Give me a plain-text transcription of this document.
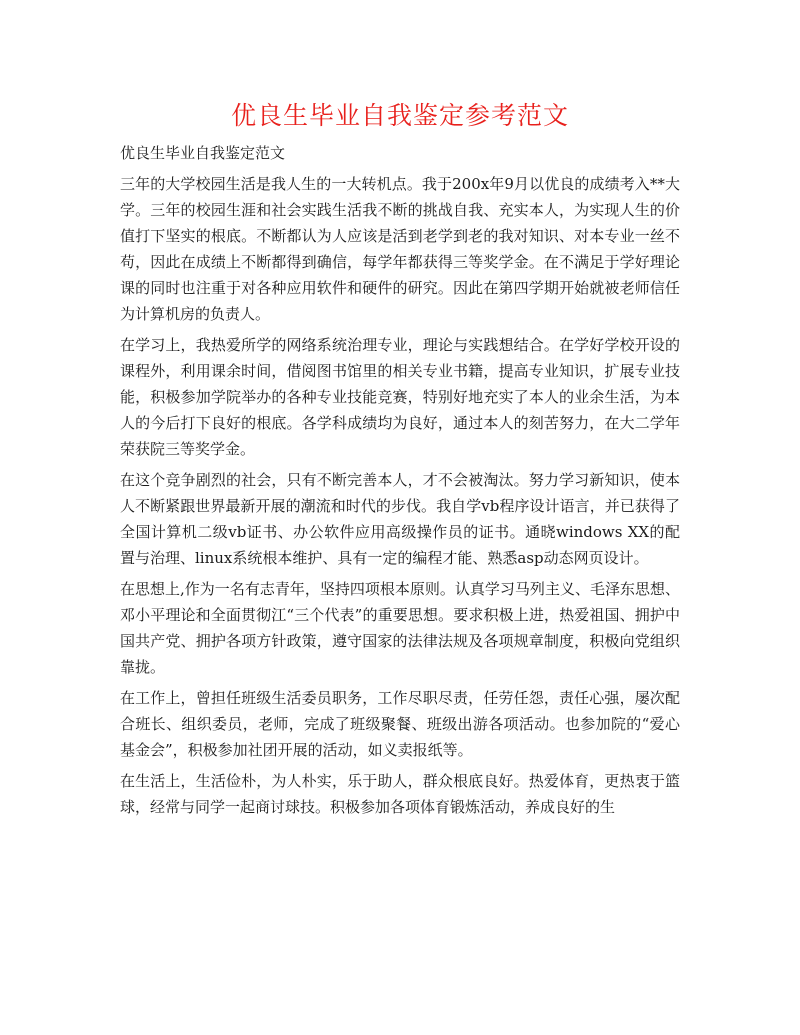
优良生毕业自我鉴定参考范文

优良生毕业自我鉴定范文

三年的大学校园生活是我人生的一大转机点。我于200x年9月以优良的成绩考入**大学。三年的校园生涯和社会实践生活我不断的挑战自我、充实本人，为实现人生的价值打下坚实的根底。不断都认为人应该是活到老学到老的我对知识、对本专业一丝不苟，因此在成绩上不断都得到确信，每学年都获得三等奖学金。在不满足于学好理论课的同时也注重于对各种应用软件和硬件的研究。因此在第四学期开始就被老师信任为计算机房的负责人。

在学习上，我热爱所学的网络系统治理专业，理论与实践想结合。在学好学校开设的课程外，利用课余时间，借阅图书馆里的相关专业书籍，提高专业知识，扩展专业技能，积极参加学院举办的各种专业技能竞赛，特别好地充实了本人的业余生活，为本人的今后打下良好的根底。各学科成绩均为良好，通过本人的刻苦努力，在大二学年荣获院三等奖学金。

在这个竞争剧烈的社会，只有不断完善本人，才不会被淘汰。努力学习新知识，使本人不断紧跟世界最新开展的潮流和时代的步伐。我自学vb程序设计语言，并已获得了全国计算机二级vb证书、办公软件应用高级操作员的证书。通晓windows XX的配置与治理、linux系统根本维护、具有一定的编程才能、熟悉asp动态网页设计。

在思想上,作为一名有志青年，坚持四项根本原则。认真学习马列主义、毛泽东思想、邓小平理论和全面贯彻江“三个代表”的重要思想。要求积极上进，热爱祖国、拥护中国共产党、拥护各项方针政策，遵守国家的法律法规及各项规章制度，积极向党组织靠拢。

在工作上，曾担任班级生活委员职务，工作尽职尽责，任劳任怨，责任心强，屡次配合班长、组织委员，老师，完成了班级聚餐、班级出游各项活动。也参加院的“爱心基金会”，积极参加社团开展的活动，如义卖报纸等。

在生活上，生活俭朴，为人朴实，乐于助人，群众根底良好。热爱体育，更热衷于篮球，经常与同学一起商讨球技。积极参加各项体育锻炼活动，养成良好的生
